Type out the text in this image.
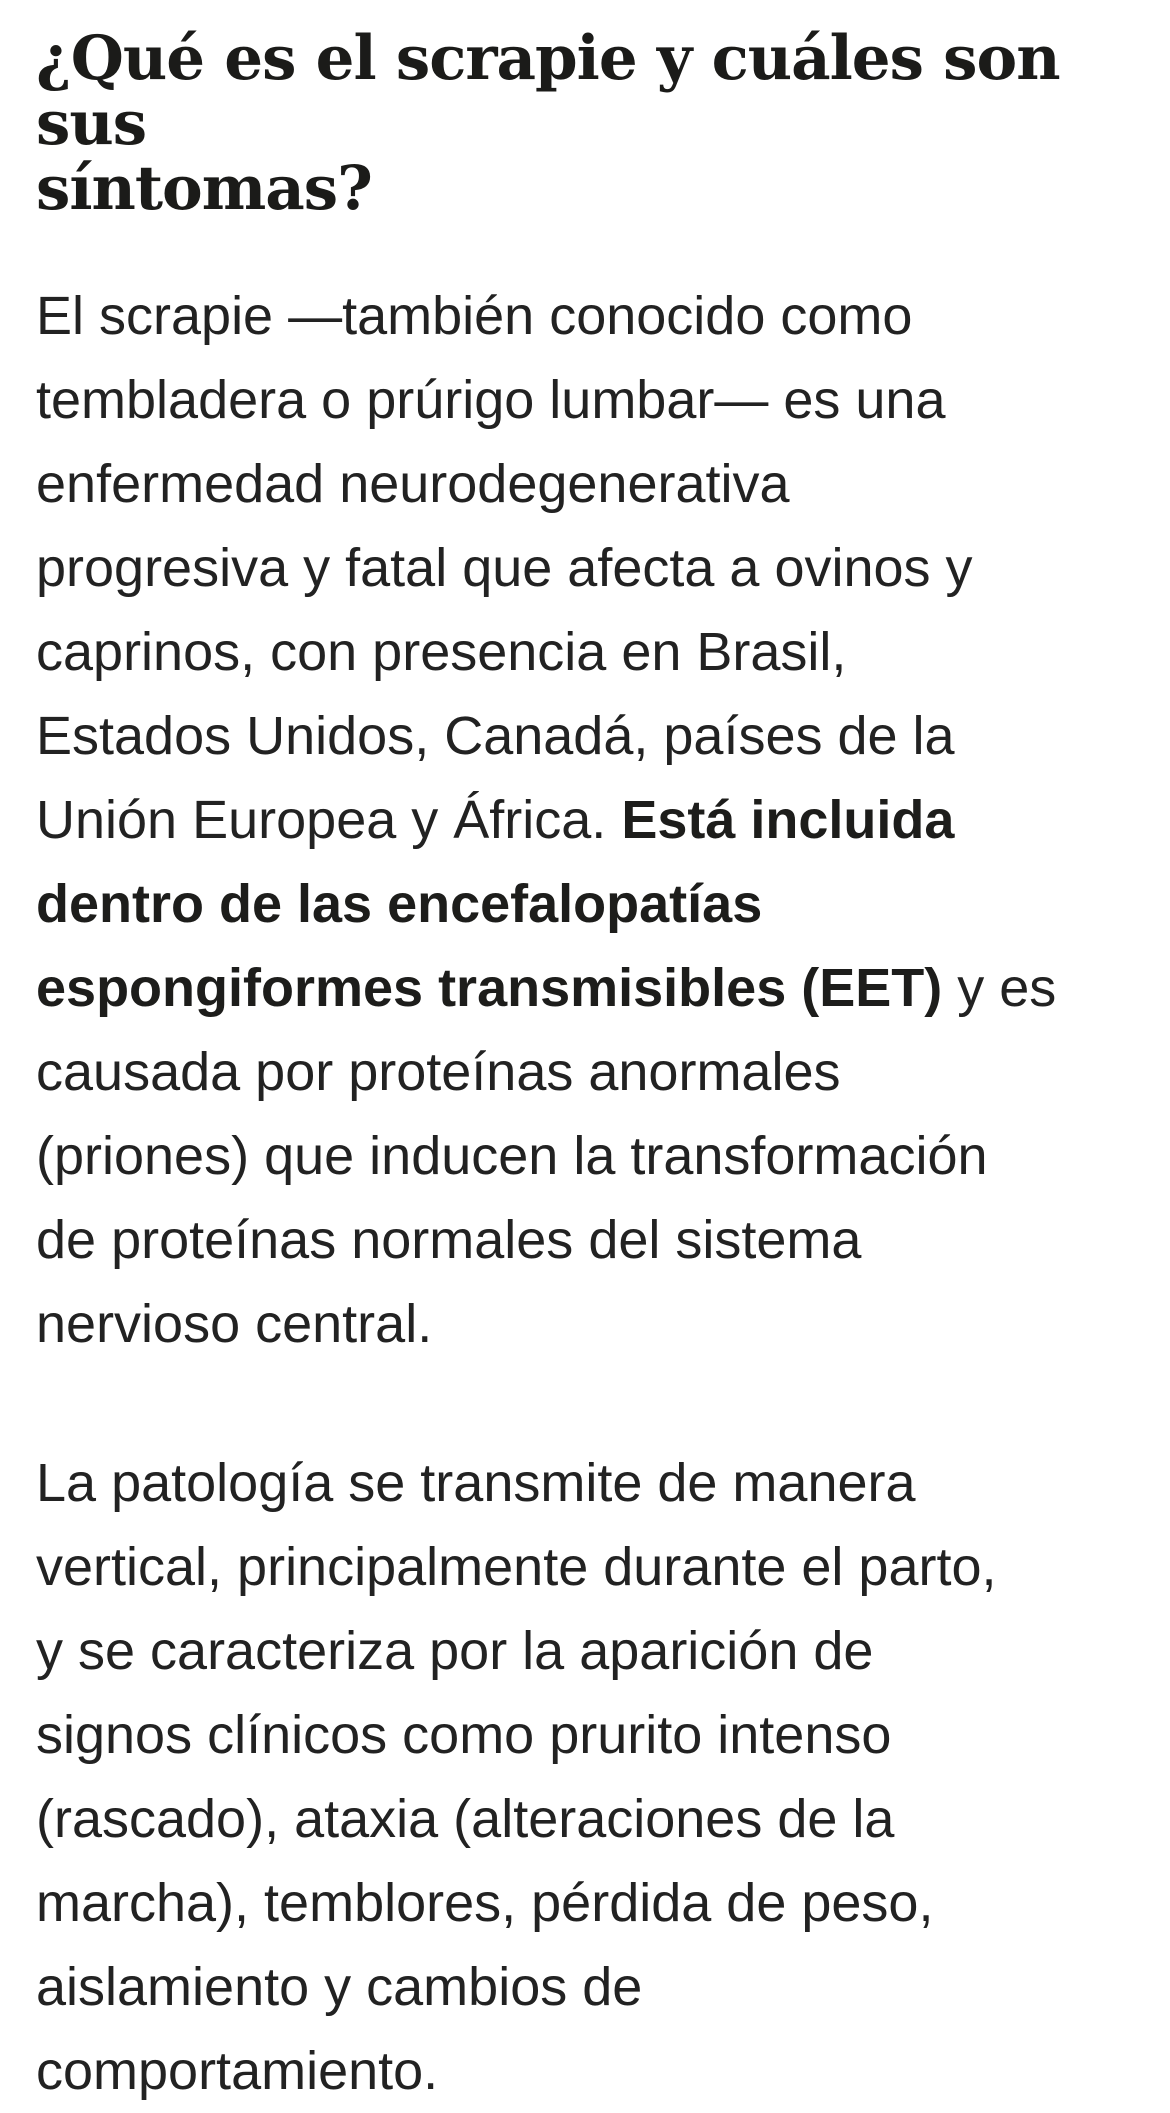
¿Qué es el scrapie y cuáles son sus
síntomas?

El scrapie —también conocido como
tembladera o prúrigo lumbar— es una
enfermedad neurodegenerativa
progresiva y fatal que afecta a ovinos y
caprinos, con presencia en Brasil,
Estados Unidos, Canadá, países de la
Unión Europea y África. Está incluida
dentro de las encefalopatías
espongiformes transmisibles (EET) y es
causada por proteínas anormales
(priones) que inducen la transformación
de proteínas normales del sistema
nervioso central.

La patología se transmite de manera
vertical, principalmente durante el parto,
y se caracteriza por la aparición de
signos clínicos como prurito intenso
(rascado), ataxia (alteraciones de la
marcha), temblores, pérdida de peso,
aislamiento y cambios de
comportamiento.
